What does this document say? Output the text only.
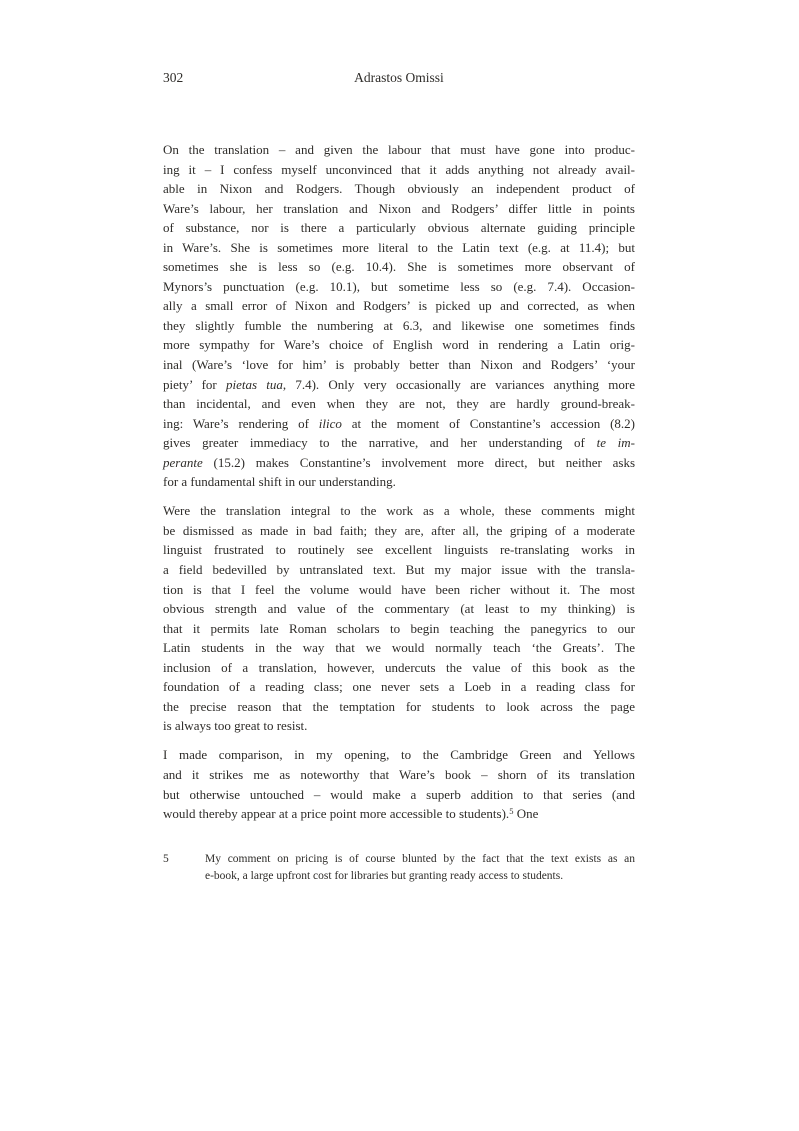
302	Adrastos Omissi
On the translation – and given the labour that must have gone into produc-
ing it – I confess myself unconvinced that it adds anything not already avail-
able in Nixon and Rodgers. Though obviously an independent product of
Ware’s labour, her translation and Nixon and Rodgers’ differ little in points
of substance, nor is there a particularly obvious alternate guiding principle
in Ware’s. She is sometimes more literal to the Latin text (e.g. at 11.4); but
sometimes she is less so (e.g. 10.4). She is sometimes more observant of
Mynors’s punctuation (e.g. 10.1), but sometime less so (e.g. 7.4). Occasion-
ally a small error of Nixon and Rodgers’ is picked up and corrected, as when
they slightly fumble the numbering at 6.3, and likewise one sometimes finds
more sympathy for Ware’s choice of English word in rendering a Latin orig-
inal (Ware’s ‘love for him’ is probably better than Nixon and Rodgers’ ‘your
piety’ for pietas tua, 7.4). Only very occasionally are variances anything more
than incidental, and even when they are not, they are hardly ground-break-
ing: Ware’s rendering of ilico at the moment of Constantine’s accession (8.2)
gives greater immediacy to the narrative, and her understanding of te im-
perante (15.2) makes Constantine’s involvement more direct, but neither asks
for a fundamental shift in our understanding.
Were the translation integral to the work as a whole, these comments might
be dismissed as made in bad faith; they are, after all, the griping of a moderate
linguist frustrated to routinely see excellent linguists re-translating works in
a field bedevilled by untranslated text. But my major issue with the transla-
tion is that I feel the volume would have been richer without it. The most
obvious strength and value of the commentary (at least to my thinking) is
that it permits late Roman scholars to begin teaching the panegyrics to our
Latin students in the way that we would normally teach ‘the Greats’. The
inclusion of a translation, however, undercuts the value of this book as the
foundation of a reading class; one never sets a Loeb in a reading class for
the precise reason that the temptation for students to look across the page
is always too great to resist.
I made comparison, in my opening, to the Cambridge Green and Yellows
and it strikes me as noteworthy that Ware’s book – shorn of its translation
but otherwise untouched – would make a superb addition to that series (and
would thereby appear at a price point more accessible to students).$^5$ One
5	My comment on pricing is of course blunted by the fact that the text exists as an
e-book, a large upfront cost for libraries but granting ready access to students.
